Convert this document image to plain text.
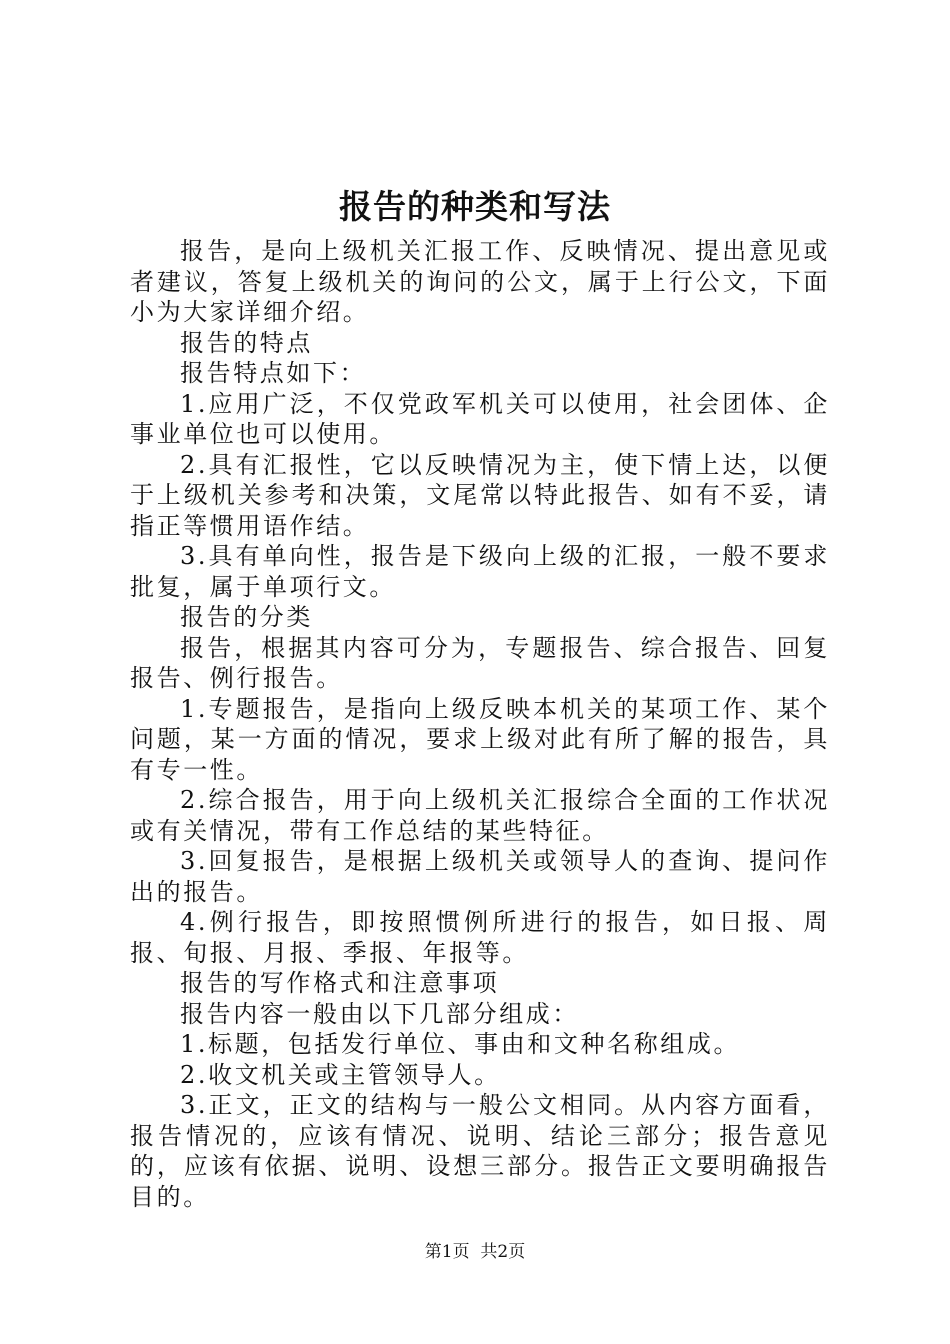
报告的种类和写法

报告，是向上级机关汇报工作、反映情况、提出意见或者建议，答复上级机关的询问的公文，属于上行公文，下面小为大家详细介绍。

报告的特点

报告特点如下：

1.应用广泛，不仅党政军机关可以使用，社会团体、企事业单位也可以使用。

2.具有汇报性，它以反映情况为主，使下情上达，以便于上级机关参考和决策，文尾常以特此报告、如有不妥，请指正等惯用语作结。

3.具有单向性，报告是下级向上级的汇报，一般不要求批复，属于单项行文。

报告的分类

报告，根据其内容可分为，专题报告、综合报告、回复报告、例行报告。

1.专题报告，是指向上级反映本机关的某项工作、某个问题，某一方面的情况，要求上级对此有所了解的报告，具有专一性。

2.综合报告，用于向上级机关汇报综合全面的工作状况或有关情况，带有工作总结的某些特征。

3.回复报告，是根据上级机关或领导人的查询、提问作出的报告。

4.例行报告，即按照惯例所进行的报告，如日报、周报、旬报、月报、季报、年报等。

报告的写作格式和注意事项

报告内容一般由以下几部分组成：

1.标题，包括发行单位、事由和文种名称组成。

2.收文机关或主管领导人。

3.正文，正文的结构与一般公文相同。从内容方面看，报告情况的，应该有情况、说明、结论三部分；报告意见的，应该有依据、说明、设想三部分。报告正文要明确报告目的。

第1页  共2页
